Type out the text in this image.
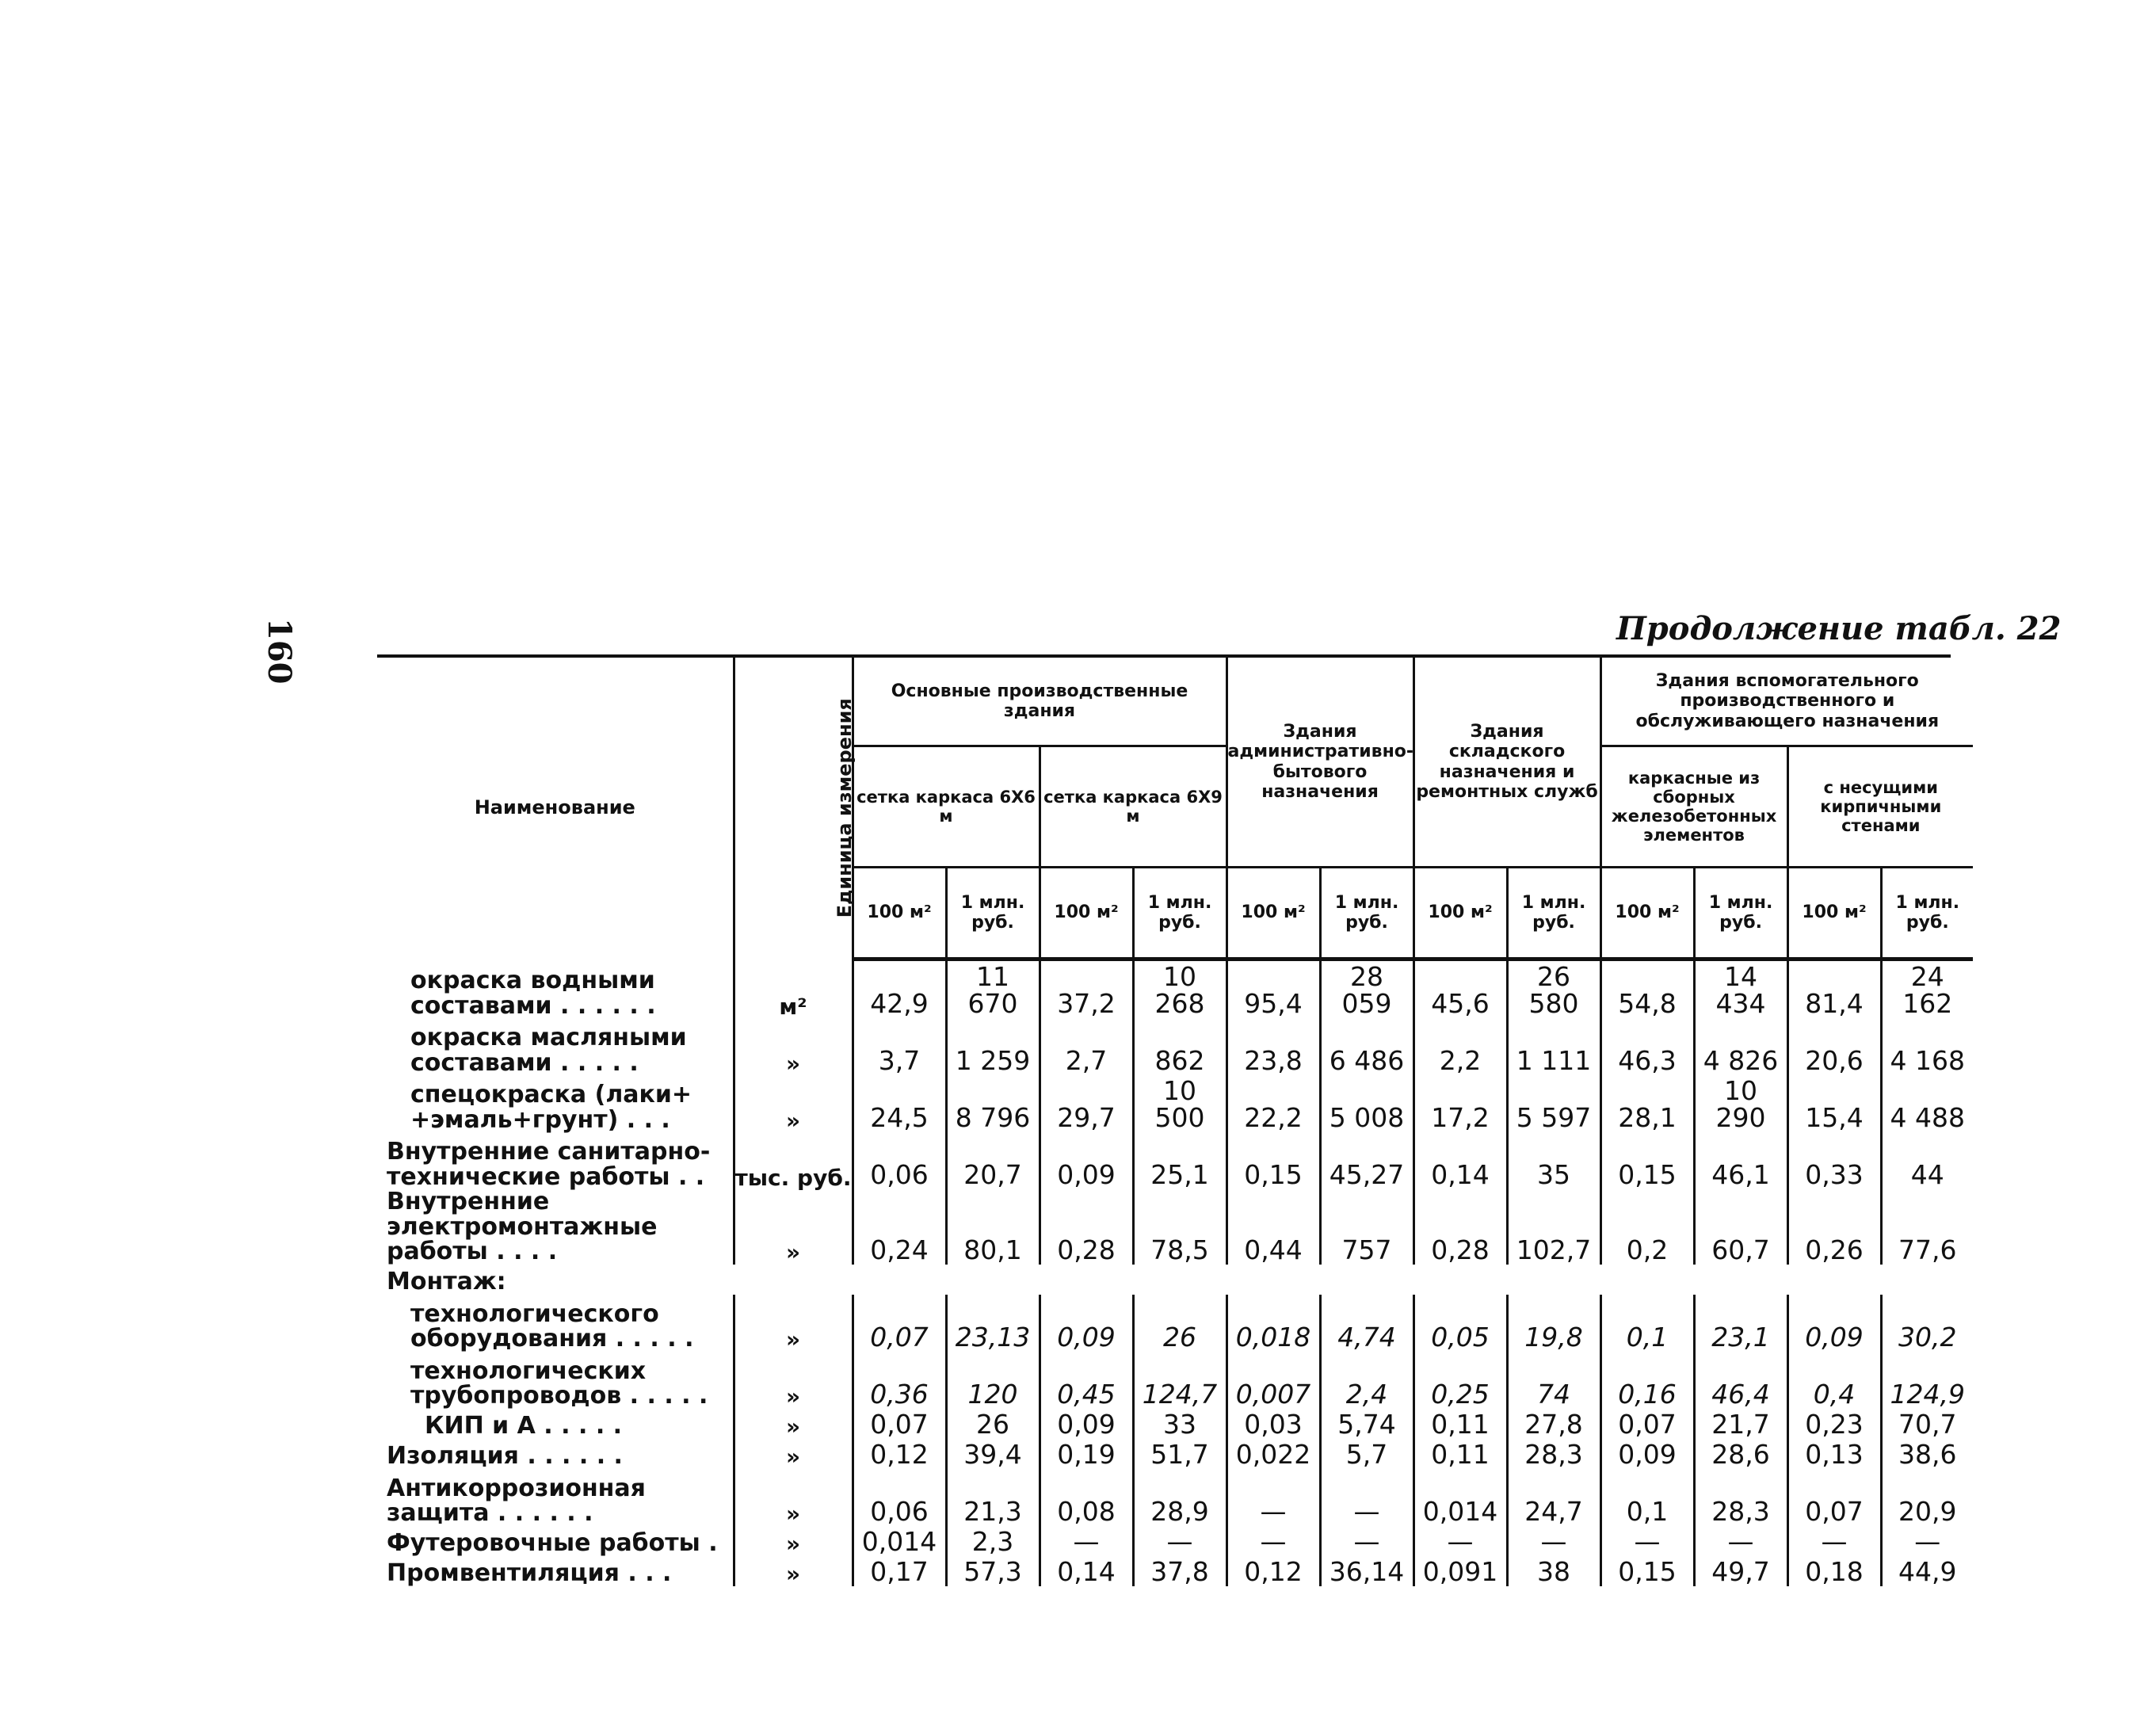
160	Продолжение табл. 22
Наименование	Единица измерения	Основные производственные здания				Здания административно-бытового назначения		Здания складского назначения и ремонтных служб		Здания вспомогательного производственного и обслуживающего назначения			
		сетка каркаса 6Х6 м		сетка каркаса 6Х9 м						каркасные из сборных железобетонных элементов		с несущими кирпичными стенами	
		100 м²	1 млн. руб.	100 м²	1 млн. руб.	100 м²	1 млн. руб.	100 м²	1 млн. руб.	100 м²	1 млн. руб.	100 м²	1 млн. руб.
окраска водными составами . . . . . .	м²	42,9	11 670	37,2	10 268	95,4	28 059	45,6	26 580	54,8	14 434	81,4	24 162
окраска масляными составами . . . . .	»	3,7	1 259	2,7	862	23,8	6 486	2,2	1 111	46,3	4 826	20,6	4 168
спецокраска (лаки+ +эмаль+грунт) . . .	»	24,5	8 796	29,7	10 500	22,2	5 008	17,2	5 597	28,1	10 290	15,4	4 488
Внутренние санитарно-технические работы . .	тыс. руб.	0,06	20,7	0,09	25,1	0,15	45,27	0,14	35	0,15	46,1	0,33	44
Внутренние электромонтажные работы . . . .	»	0,24	80,1	0,28	78,5	0,44	757	0,28	102,7	0,2	60,7	0,26	77,6
Монтаж:													
технологического оборудования . . . . .	»	0,07	23,13	0,09	26	0,018	4,74	0,05	19,8	0,1	23,1	0,09	30,2
технологических трубопроводов . . . . .	»	0,36	120	0,45	124,7	0,007	2,4	0,25	74	0,16	46,4	0,4	124,9
КИП и А . . . . .	»	0,07	26	0,09	33	0,03	5,74	0,11	27,8	0,07	21,7	0,23	70,7
Изоляция . . . . . .	»	0,12	39,4	0,19	51,7	0,022	5,7	0,11	28,3	0,09	28,6	0,13	38,6
Антикоррозионная защита . . . . . .	»	0,06	21,3	0,08	28,9	—	—	0,014	24,7	0,1	28,3	0,07	20,9
Футеровочные работы .	»	0,014	2,3	—	—	—	—	—	—	—	—	—	—
Промвентиляция . . .	»	0,17	57,3	0,14	37,8	0,12	36,14	0,091	38	0,15	49,7	0,18	44,9
